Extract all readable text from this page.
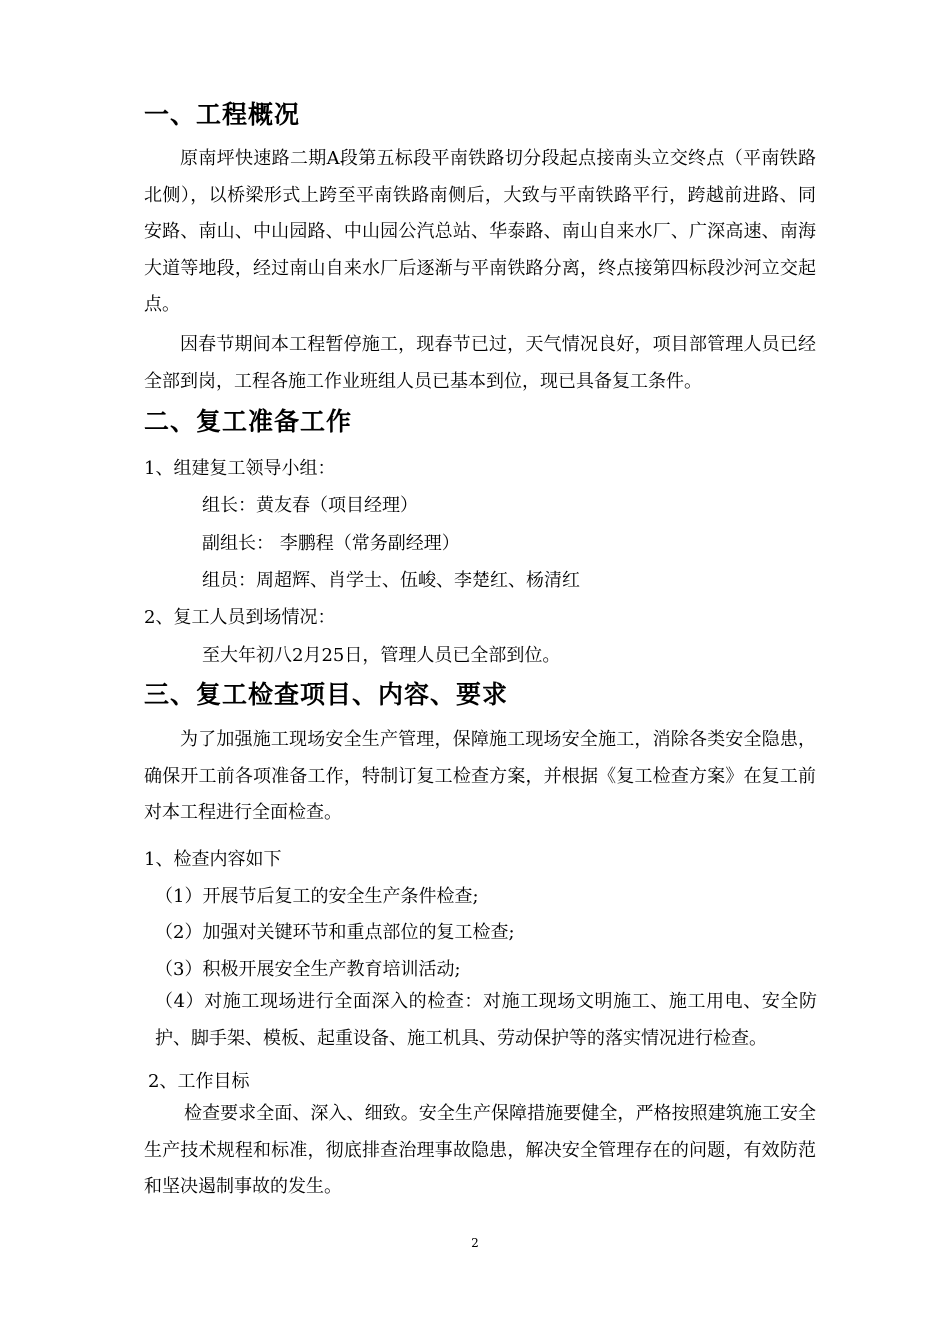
一、工程概况

原南坪快速路二期A段第五标段平南铁路切分段起点接南头立交终点（平南铁路北侧），以桥梁形式上跨至平南铁路南侧后，大致与平南铁路平行，跨越前进路、同安路、南山、中山园路、中山园公汽总站、华泰路、南山自来水厂、广深高速、南海大道等地段，经过南山自来水厂后逐渐与平南铁路分离，终点接第四标段沙河立交起点。

因春节期间本工程暂停施工，现春节已过，天气情况良好，项目部管理人员已经全部到岗，工程各施工作业班组人员已基本到位，现已具备复工条件。

二、复工准备工作

1、组建复工领导小组：

组长：黄友春（项目经理）

副组长： 李鹏程（常务副经理）

组员：周超辉、肖学士、伍峻、李楚红、杨清红

2、复工人员到场情况：

至大年初八2月25日，管理人员已全部到位。

三、复工检查项目、内容、要求

为了加强施工现场安全生产管理，保障施工现场安全施工，消除各类安全隐患，确保开工前各项准备工作，特制订复工检查方案，并根据《复工检查方案》在复工前对本工程进行全面检查。

1、检查内容如下

（1）开展节后复工的安全生产条件检查;

（2）加强对关键环节和重点部位的复工检查;

（3）积极开展安全生产教育培训活动;

（4）对施工现场进行全面深入的检查：对施工现场文明施工、施工用电、安全防护、脚手架、模板、起重设备、施工机具、劳动保护等的落实情况进行检查。

2、工作目标

检查要求全面、深入、细致。安全生产保障措施要健全，严格按照建筑施工安全生产技术规程和标准，彻底排查治理事故隐患，解决安全管理存在的问题，有效防范和坚决遏制事故的发生。

2
